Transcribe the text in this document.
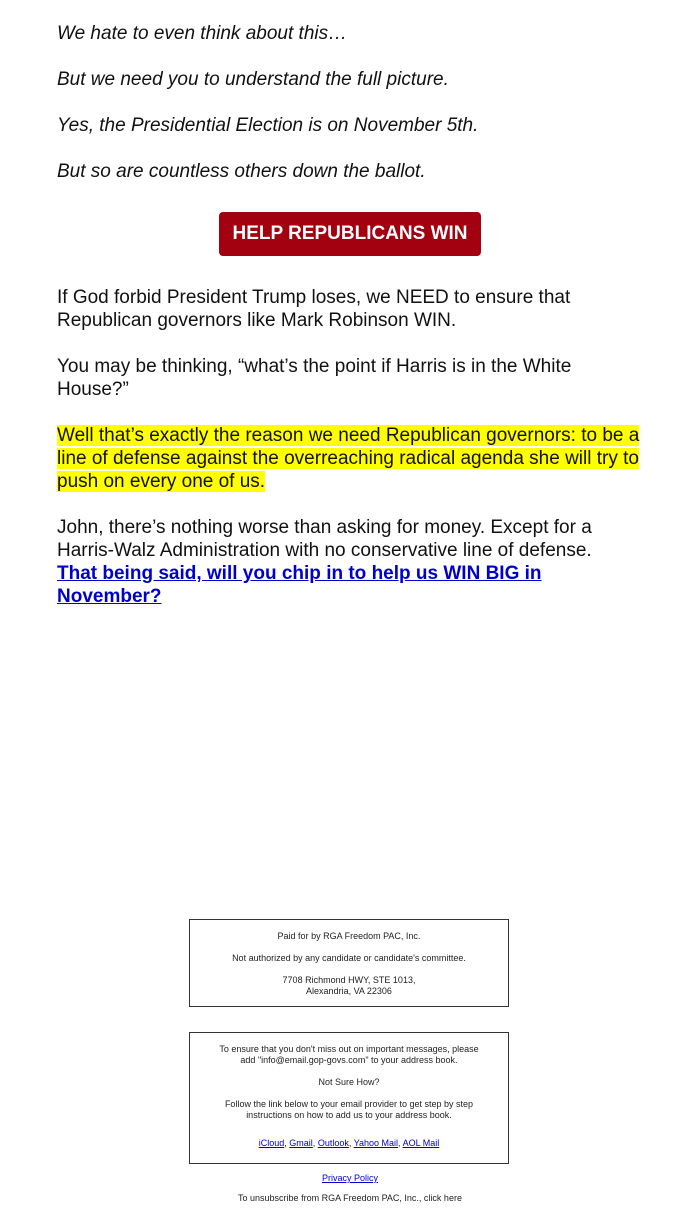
We hate to even think about this…

But we need you to understand the full picture.

Yes, the Presidential Election is on November 5th.

But so are countless others down the ballot.

HELP REPUBLICANS WIN

If God forbid President Trump loses, we NEED to ensure that Republican governors like Mark Robinson WIN.

You may be thinking, “what’s the point if Harris is in the White House?”

Well that’s exactly the reason we need Republican governors: to be a line of defense against the overreaching radical agenda she will try to push on every one of us.

John, there’s nothing worse than asking for money. Except for a Harris-Walz Administration with no conservative line of defense.
That being said, will you chip in to help us WIN BIG in November?

Paid for by RGA Freedom PAC, Inc.

Not authorized by any candidate or candidate's committee.

7708 Richmond HWY, STE 1013,

Alexandria, VA 22306

To ensure that you don't miss out on important messages, please

add "info@email.gop-govs.com" to your address book.

Not Sure How?

Follow the link below to your email provider to get step by step

instructions on how to add us to your address book.

iCloud, Gmail, Outlook, Yahoo Mail, AOL Mail

Privacy Policy
To unsubscribe from RGA Freedom PAC, Inc., click here
